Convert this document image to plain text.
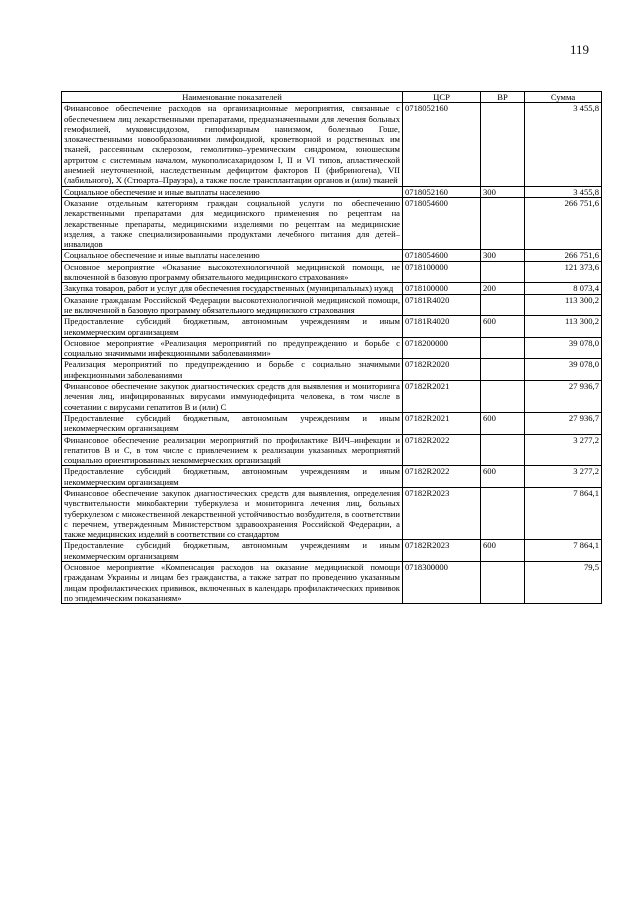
119
Наименование показателей	ЦСР	ВР	Сумма
Финансовое обеспечение расходов на организационные мероприятия, связанные с обеспечением лиц лекарственными препаратами, предназначенными для лечения больных гемофилией, муковисцидозом, гипофизарным нанизмом, болезнью Гоше, злокачественными новообразованиями лимфоидной, кроветворной и родственных им тканей, рассеянным склерозом, гемолитико–уремическим синдромом, юношеским артритом с системным началом, мукополисахаридозом I, II и VI типов, апластической анемией неуточненной, наследственным дефицитом факторов II (фибриногена), VII (лабильного), X (Стюарта–Прауэра), а также после трансплантации органов и (или) тканей	0718052160		3 455,8
Социальное обеспечение и иные выплаты населению	0718052160	300	3 455,8
Оказание отдельным категориям граждан социальной услуги по обеспечению лекарственными препаратами для медицинского применения по рецептам на лекарственные препараты, медицинскими изделиями по рецептам на медицинские изделия, а также специализированными продуктами лечебного питания для детей–инвалидов	0718054600		266 751,6
Социальное обеспечение и иные выплаты населению	0718054600	300	266 751,6
Основное мероприятие «Оказание высокотехнологичной медицинской помощи, не включенной в базовую программу обязательного медицинского страхования»	0718100000		121 373,6
Закупка товаров, работ и услуг для обеспечения государственных (муниципальных) нужд	0718100000	200	8 073,4
Оказание гражданам Российской Федерации высокотехнологичной медицинской помощи, не включенной в базовую программу обязательного медицинского страхования	07181R4020		113 300,2
Предоставление субсидий бюджетным, автономным учреждениям и иным некоммерческим организациям	07181R4020	600	113 300,2
Основное мероприятие «Реализация мероприятий по предупреждению и борьбе с социально значимыми инфекционными заболеваниями»	0718200000		39 078,0
Реализация мероприятий по предупреждению и борьбе с социально значимыми инфекционными заболеваниями	07182R2020		39 078,0
Финансовое обеспечение закупок диагностических средств для выявления и мониторинга лечения лиц, инфицированных вирусами иммунодефицита человека, в том числе в сочетании с вирусами гепатитов B и (или) C	07182R2021		27 936,7
Предоставление субсидий бюджетным, автономным учреждениям и иным некоммерческим организациям	07182R2021	600	27 936,7
Финансовое обеспечение реализации мероприятий по профилактике ВИЧ–инфекции и гепатитов B и C, в том числе с привлечением к реализации указанных мероприятий социально ориентированных некоммерческих организаций	07182R2022		3 277,2
Предоставление субсидий бюджетным, автономным учреждениям и иным некоммерческим организациям	07182R2022	600	3 277,2
Финансовое обеспечение закупок диагностических средств для выявления, определения чувствительности микобактерии туберкулеза и мониторинга лечения лиц, больных туберкулезом с множественной лекарственной устойчивостью возбудителя, в соответствии с перечнем, утвержденным Министерством здравоохранения Российской Федерации, а также медицинских изделий в соответствии со стандартом	07182R2023		7 864,1
Предоставление субсидий бюджетным, автономным учреждениям и иным некоммерческим организациям	07182R2023	600	7 864,1
Основное мероприятие «Компенсация расходов на оказание медицинской помощи гражданам Украины и лицам без гражданства, а также затрат по проведению указанным лицам профилактических прививок, включенных в календарь профилактических прививок по эпидемическим показаниям»	0718300000		79,5
